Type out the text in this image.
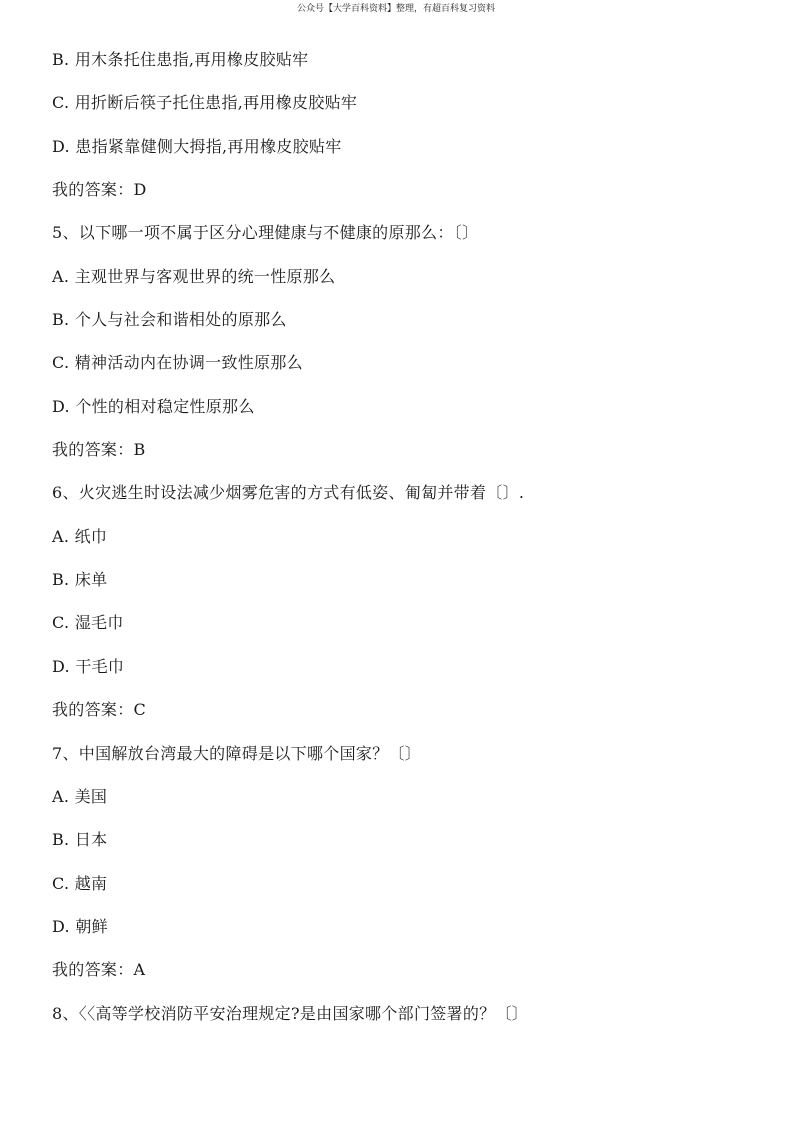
公众号【大学百科资料】整理，有超百科复习资料
B. 用木条托住患指,再用橡皮胶贴牢
C. 用折断后筷子托住患指,再用橡皮胶贴牢
D. 患指紧靠健侧大拇指,再用橡皮胶贴牢
我的答案：D
5、以下哪一项不属于区分心理健康与不健康的原那么：〔〕
A. 主观世界与客观世界的统一性原那么
B. 个人与社会和谐相处的原那么
C. 精神活动内在协调一致性原那么
D. 个性的相对稳定性原那么
我的答案：B
6、火灾逃生时设法减少烟雾危害的方式有低姿、匍匐并带着〔〕.
A. 纸巾
B. 床单
C. 湿毛巾
D. 干毛巾
我的答案：C
7、中国解放台湾最大的障碍是以下哪个国家？〔〕
A. 美国
B. 日本
C. 越南
D. 朝鲜
我的答案：A
8、〈〈高等学校消防平安治理规定?是由国家哪个部门签署的？〔〕
